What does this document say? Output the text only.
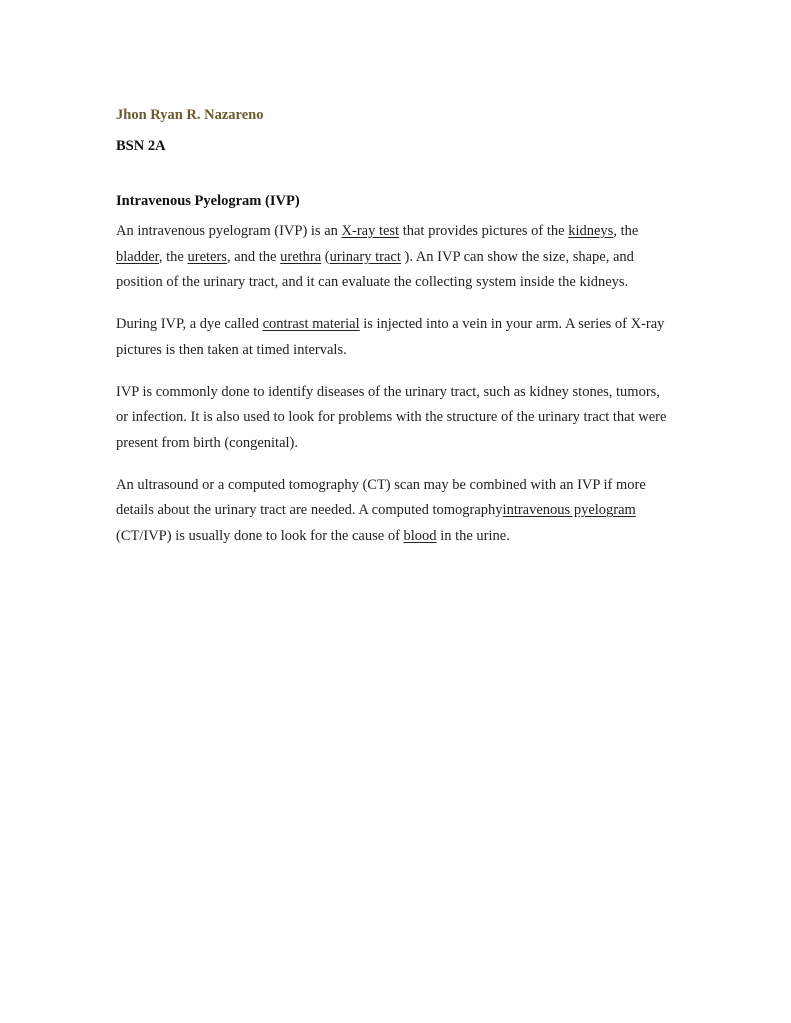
Jhon Ryan R. Nazareno

BSN 2A

Intravenous Pyelogram (IVP)

An intravenous pyelogram (IVP) is an X-ray test that provides pictures of the kidneys, the bladder, the ureters, and the urethra (urinary tract ). An IVP can show the size, shape, and position of the urinary tract, and it can evaluate the collecting system inside the kidneys.

During IVP, a dye called contrast material is injected into a vein in your arm. A series of X-ray pictures is then taken at timed intervals.

IVP is commonly done to identify diseases of the urinary tract, such as kidney stones, tumors, or infection. It is also used to look for problems with the structure of the urinary tract that were present from birth (congenital).

An ultrasound or a computed tomography (CT) scan may be combined with an IVP if more details about the urinary tract are needed. A computed tomographyintravenous pyelogram (CT/IVP) is usually done to look for the cause of blood in the urine.
